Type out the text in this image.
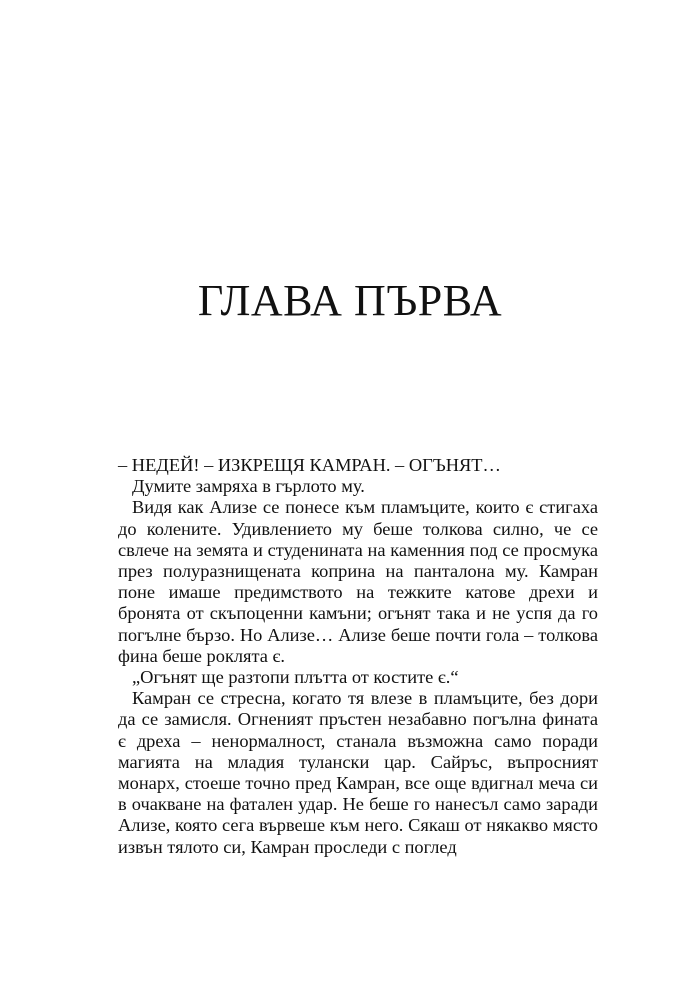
ГЛАВА ПЪРВА

– НЕДЕЙ! – ИЗКРЕЩЯ КАМРАН. – ОГЪНЯТ…

Думите замряха в гърлото му.

Видя как Ализе се понесе към пламъците, които є стигаха до колените. Удивлението му беше толкова силно, че се свлече на земята и студенината на каменния под се просмука през полуразнищената коприна на панталона му. Камран поне имаше предимството на тежките катове дрехи и бронята от скъпоценни камъни; огънят така и не успя да го погълне бързо. Но Ализе… Ализе беше почти гола – толкова фина беше роклята є.

„Огънят ще разтопи плътта от костите є.“

Камран се стресна, когато тя влезе в пламъците, без дори да се замисля. Огненият пръстен незабавно погълна фината є дреха – ненормалност, станала възможна само поради магията на младия тулански цар. Сайръс, въпросният монарх, стоеше точно пред Камран, все още вдигнал меча си в очакване на фатален удар. Не беше го нанесъл само заради Ализе, която сега вървеше към него. Сякаш от някакво място извън тялото си, Камран проследи с поглед
